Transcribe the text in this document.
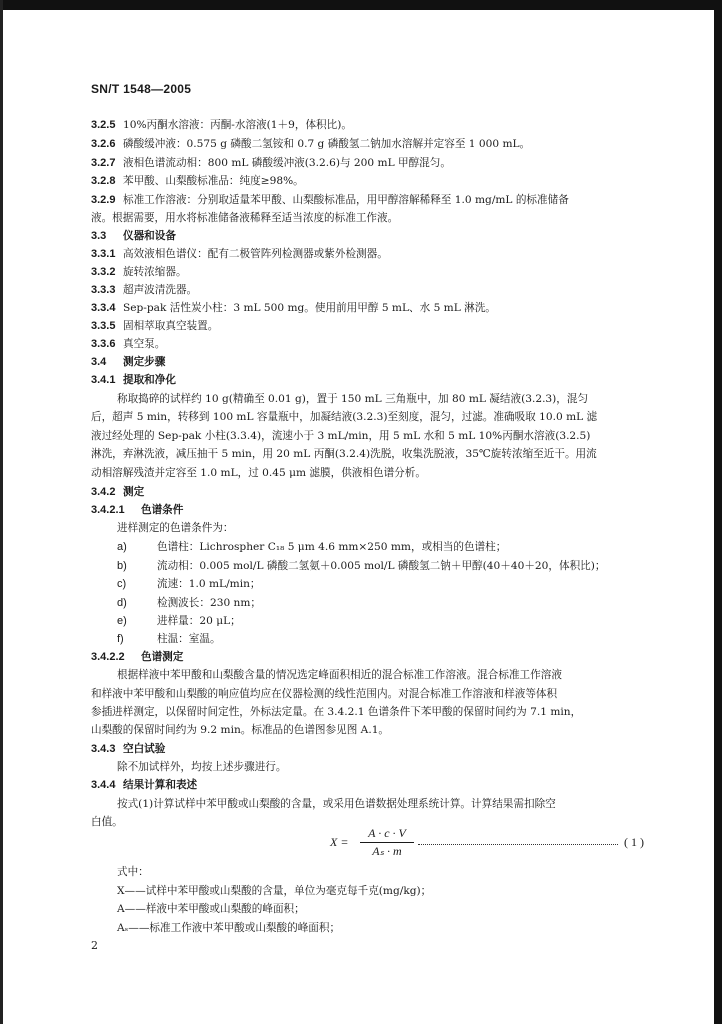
SN/T 1548—2005
3.2.5 10%丙酮水溶液：丙酮-水溶液(1＋9，体积比)。
3.2.6 磷酸缓冲液：0.575 g 磷酸二氢铵和 0.7 g 磷酸氢二钠加水溶解并定容至 1 000 mL。
3.2.7 液相色谱流动相：800 mL 磷酸缓冲液(3.2.6)与 200 mL 甲醇混匀。
3.2.8 苯甲酸、山梨酸标准品：纯度≥98%。
3.2.9 标准工作溶液：分别取适量苯甲酸、山梨酸标准品，用甲醇溶解稀释至 1.0 mg/mL 的标准储备
液。根据需要，用水将标准储备液稀释至适当浓度的标准工作液。
3.3 仪器和设备
3.3.1 高效液相色谱仪：配有二极管阵列检测器或紫外检测器。
3.3.2 旋转浓缩器。
3.3.3 超声波清洗器。
3.3.4 Sep-pak 活性炭小柱：3 mL 500 mg。使用前用甲醇 5 mL、水 5 mL 淋洗。
3.3.5 固相萃取真空装置。
3.3.6 真空泵。
3.4 测定步骤
3.4.1 提取和净化
称取捣碎的试样约 10 g(精确至 0.01 g)，置于 150 mL 三角瓶中，加 80 mL 凝结液(3.2.3)，混匀
后，超声 5 min，转移到 100 mL 容量瓶中，加凝结液(3.2.3)至刻度，混匀，过滤。准确吸取 10.0 mL 滤
液过经处理的 Sep-pak 小柱(3.3.4)，流速小于 3 mL/min，用 5 mL 水和 5 mL 10%丙酮水溶液(3.2.5)
淋洗，弃淋洗液，减压抽干 5 min，用 20 mL 丙酮(3.2.4)洗脱，收集洗脱液，35℃旋转浓缩至近干。用流
动相溶解残渣并定容至 1.0 mL，过 0.45 μm 滤膜，供液相色谱分析。
3.4.2 测定
3.4.2.1 色谱条件
进样测定的色谱条件为：
a)	色谱柱：Lichrospher C₁₈ 5 μm 4.6 mm×250 mm，或相当的色谱柱；
b)	流动相：0.005 mol/L 磷酸二氢氨＋0.005 mol/L 磷酸氢二钠＋甲醇(40＋40＋20，体积比)；
c)	流速：1.0 mL/min；
d)	检测波长：230 nm；
e)	进样量：20 μL；
f)	柱温：室温。
3.4.2.2 色谱测定
根据样液中苯甲酸和山梨酸含量的情况选定峰面积相近的混合标准工作溶液。混合标准工作溶液
和样液中苯甲酸和山梨酸的响应值均应在仪器检测的线性范围内。对混合标准工作溶液和样液等体积
参插进样测定，以保留时间定性，外标法定量。在 3.4.2.1 色谱条件下苯甲酸的保留时间约为 7.1 min，
山梨酸的保留时间约为 9.2 min。标准品的色谱图参见图 A.1。
3.4.3 空白试验
除不加试样外，均按上述步骤进行。
3.4.4 结果计算和表述
按式(1)计算试样中苯甲酸或山梨酸的含量，或采用色谱数据处理系统计算。计算结果需扣除空
白值。
$X = \frac{A \cdot c \cdot V}{\text{Aₛ · m}}$	( 1 )
式中：
X——试样中苯甲酸或山梨酸的含量，单位为毫克每千克(mg/kg)；
A——样液中苯甲酸或山梨酸的峰面积；
Aₛ——标准工作液中苯甲酸或山梨酸的峰面积；
2
